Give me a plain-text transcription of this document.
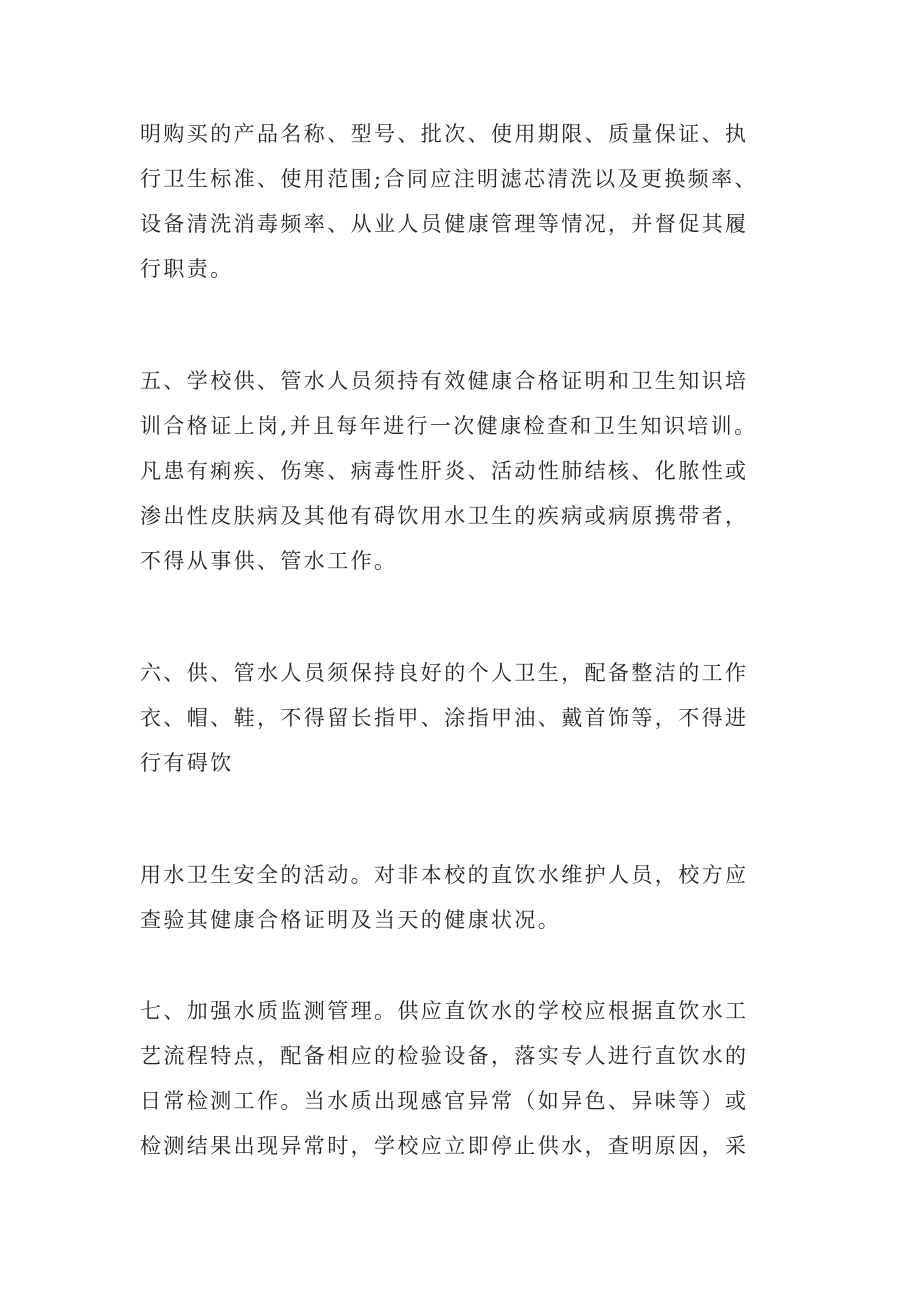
明购买的产品名称、型号、批次、使用期限、质量保证、执
行卫生标准、使用范围;合同应注明滤芯清洗以及更换频率、
设备清洗消毒频率、从业人员健康管理等情况，并督促其履
行职责。
五、学校供、管水人员须持有效健康合格证明和卫生知识培
训合格证上岗,并且每年进行一次健康检查和卫生知识培训。
凡患有痢疾、伤寒、病毒性肝炎、活动性肺结核、化脓性或
渗出性皮肤病及其他有碍饮用水卫生的疾病或病原携带者，
不得从事供、管水工作。
六、供、管水人员须保持良好的个人卫生，配备整洁的工作
衣、帽、鞋，不得留长指甲、涂指甲油、戴首饰等，不得进
行有碍饮
用水卫生安全的活动。对非本校的直饮水维护人员，校方应
查验其健康合格证明及当天的健康状况。
七、加强水质监测管理。供应直饮水的学校应根据直饮水工
艺流程特点，配备相应的检验设备，落实专人进行直饮水的
日常检测工作。当水质出现感官异常（如异色、异味等）或
检测结果出现异常时，学校应立即停止供水，查明原因，采
